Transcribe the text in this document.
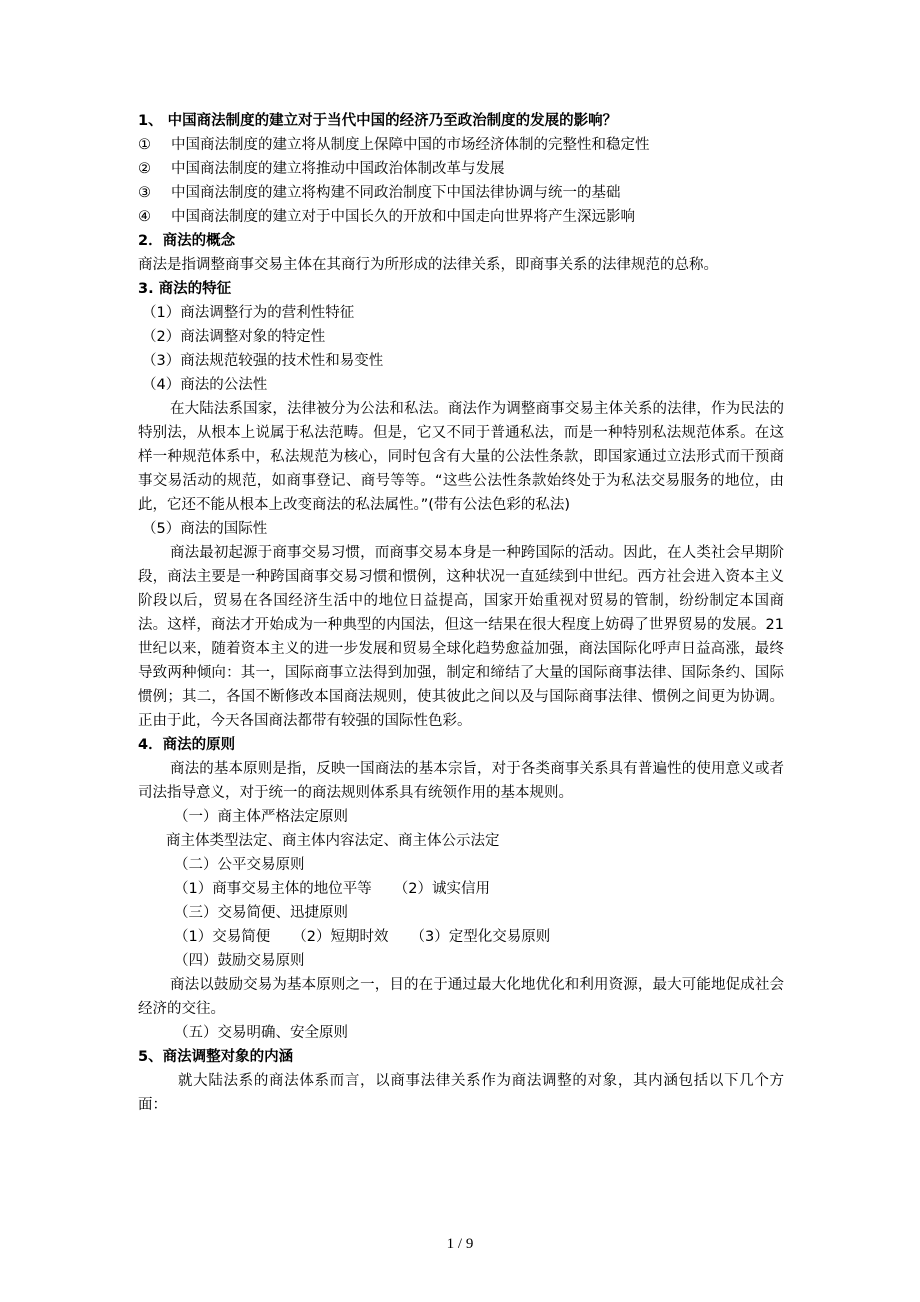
1、 中国商法制度的建立对于当代中国的经济乃至政治制度的发展的影响？
① 中国商法制度的建立将从制度上保障中国的市场经济体制的完整性和稳定性
② 中国商法制度的建立将推动中国政治体制改革与发展
③ 中国商法制度的建立将构建不同政治制度下中国法律协调与统一的基础
④ 中国商法制度的建立对于中国长久的开放和中国走向世界将产生深远影响
2．商法的概念
商法是指调整商事交易主体在其商行为所形成的法律关系，即商事关系的法律规范的总称。
3. 商法的特征
（1）商法调整行为的营利性特征
（2）商法调整对象的特定性
（3）商法规范较强的技术性和易变性
（4）商法的公法性
在大陆法系国家，法律被分为公法和私法。商法作为调整商事交易主体关系的法律，作为民法的特别法，从根本上说属于私法范畴。但是，它又不同于普通私法，而是一种特别私法规范体系。在这样一种规范体系中，私法规范为核心，同时包含有大量的公法性条款，即国家通过立法形式而干预商事交易活动的规范，如商事登记、商号等等。“这些公法性条款始终处于为私法交易服务的地位，由此，它还不能从根本上改变商法的私法属性。”(带有公法色彩的私法)
（5）商法的国际性
商法最初起源于商事交易习惯，而商事交易本身是一种跨国际的活动。因此，在人类社会早期阶段，商法主要是一种跨国商事交易习惯和惯例，这种状况一直延续到中世纪。西方社会进入资本主义阶段以后，贸易在各国经济生活中的地位日益提高，国家开始重视对贸易的管制，纷纷制定本国商法。这样，商法才开始成为一种典型的内国法，但这一结果在很大程度上妨碍了世界贸易的发展。21 世纪以来，随着资本主义的进一步发展和贸易全球化趋势愈益加强，商法国际化呼声日益高涨，最终导致两种倾向：其一，国际商事立法得到加强，制定和缔结了大量的国际商事法律、国际条约、国际惯例；其二，各国不断修改本国商法规则，使其彼此之间以及与国际商事法律、惯例之间更为协调。正由于此，今天各国商法都带有较强的国际性色彩。
4．商法的原则
商法的基本原则是指，反映一国商法的基本宗旨，对于各类商事关系具有普遍性的使用意义或者司法指导意义，对于统一的商法规则体系具有统领作用的基本规则。
（一）商主体严格法定原则
商主体类型法定、商主体内容法定、商主体公示法定
（二）公平交易原则
（1）商事交易主体的地位平等 （2）诚实信用
（三）交易简便、迅捷原则
（1）交易简便 （2）短期时效 （3）定型化交易原则
（四）鼓励交易原则
商法以鼓励交易为基本原则之一，目的在于通过最大化地优化和利用资源，最大可能地促成社会经济的交往。
（五）交易明确、安全原则
5、商法调整对象的内涵
就大陆法系的商法体系而言，以商事法律关系作为商法调整的对象，其内涵包括以下几个方面：
1 / 9
